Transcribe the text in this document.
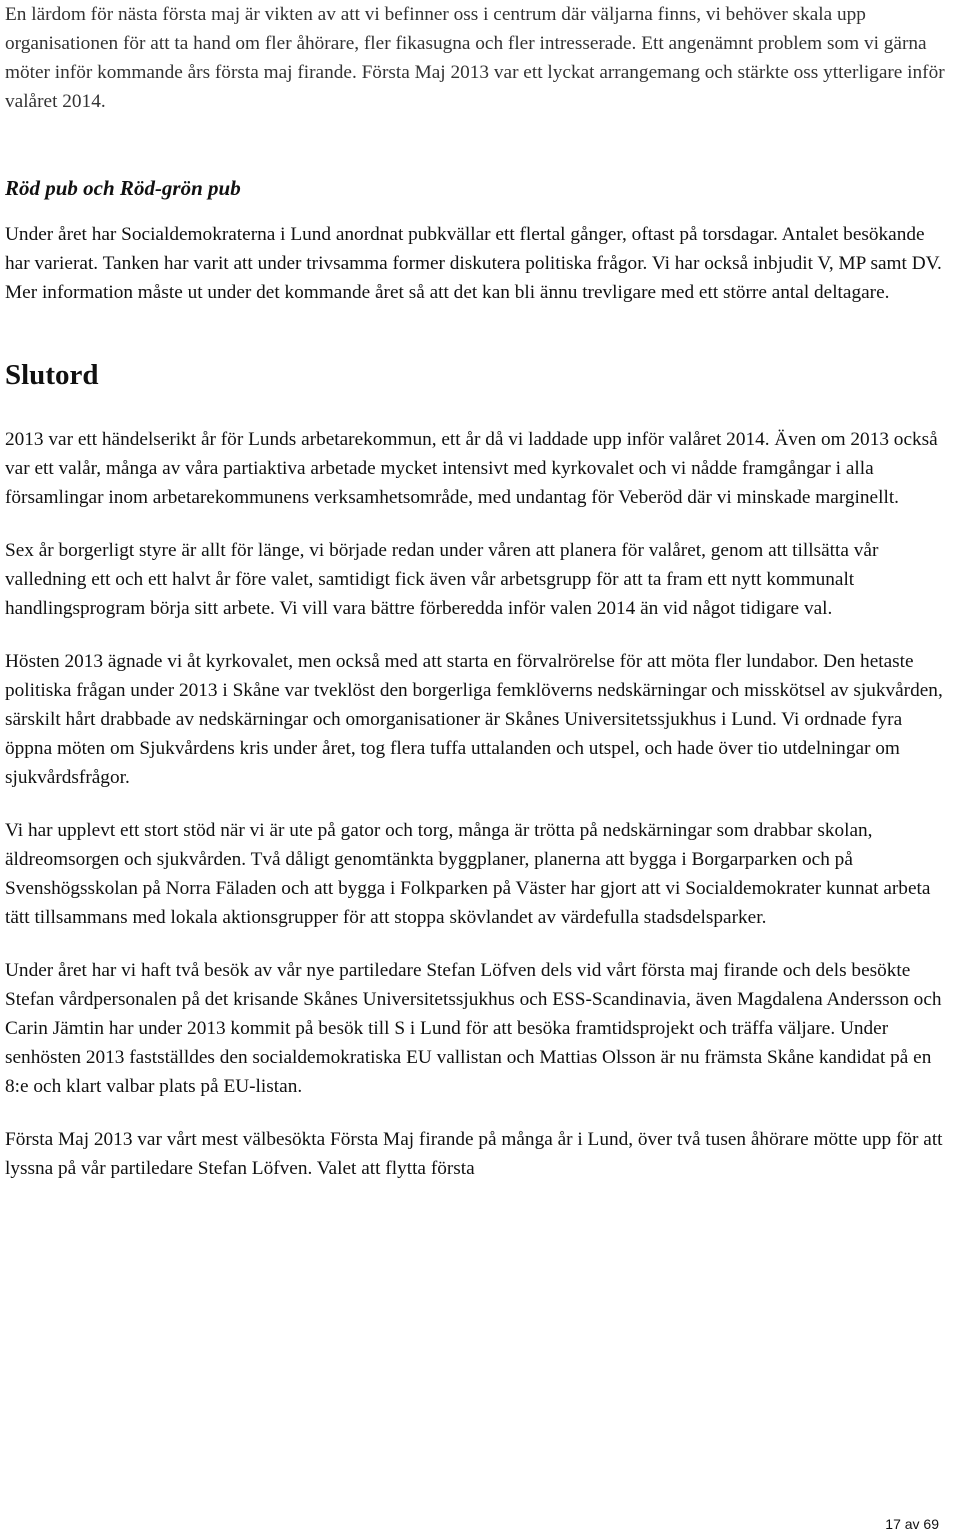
En lärdom för nästa första maj är vikten av att vi befinner oss i centrum där väljarna finns, vi behöver skala upp organisationen för att ta hand om fler åhörare, fler fikasugna och fler intresserade. Ett angenämnt problem som vi gärna möter inför kommande års första maj firande. Första Maj 2013 var ett lyckat arrangemang och stärkte oss ytterligare inför valåret 2014.

Röd pub och Röd-grön pub

Under året har Socialdemokraterna i Lund anordnat pubkvällar ett flertal gånger, oftast på torsdagar. Antalet besökande har varierat. Tanken har varit att under trivsamma former diskutera politiska frågor. Vi har också inbjudit V, MP samt DV. Mer information måste ut under det kommande året så att det kan bli ännu trevligare med ett större antal deltagare.

Slutord

2013 var ett händelserikt år för Lunds arbetarekommun, ett år då vi laddade upp inför valåret 2014. Även om 2013 också var ett valår, många av våra partiaktiva arbetade mycket intensivt med kyrkovalet och vi nådde framgångar i alla församlingar inom arbetarekommunens verksamhetsområde, med undantag för Veberöd där vi minskade marginellt.

Sex år borgerligt styre är allt för länge, vi började redan under våren att planera för valåret, genom att tillsätta vår valledning ett och ett halvt år före valet, samtidigt fick även vår arbetsgrupp för att ta fram ett nytt kommunalt handlingsprogram börja sitt arbete. Vi vill vara bättre förberedda inför valen 2014 än vid något tidigare val.

Hösten 2013 ägnade vi åt kyrkovalet, men också med att starta en förvalrörelse för att möta fler lundabor. Den hetaste politiska frågan under 2013 i Skåne var tveklöst den borgerliga femklöverns nedskärningar och misskötsel av sjukvården, särskilt hårt drabbade av nedskärningar och omorganisationer är Skånes Universitetssjukhus i Lund. Vi ordnade fyra öppna möten om Sjukvårdens kris under året, tog flera tuffa uttalanden och utspel, och hade över tio utdelningar om sjukvårdsfrågor.

Vi har upplevt ett stort stöd när vi är ute på gator och torg, många är trötta på nedskärningar som drabbar skolan, äldreomsorgen och sjukvården. Två dåligt genomtänkta byggplaner, planerna att bygga i Borgarparken och på Svenshögsskolan på Norra Fäladen och att bygga i Folkparken på Väster har gjort att vi Socialdemokrater kunnat arbeta tätt tillsammans med lokala aktionsgrupper för att stoppa skövlandet av värdefulla stadsdelsparker.

Under året har vi haft två besök av vår nye partiledare Stefan Löfven dels vid vårt första maj firande och dels besökte Stefan vårdpersonalen på det krisande Skånes Universitetssjukhus och ESS-Scandinavia, även Magdalena Andersson och Carin Jämtin har under 2013 kommit på besök till S i Lund för att besöka framtidsprojekt och träffa väljare. Under senhösten 2013 fastställdes den socialdemokratiska EU vallistan och Mattias Olsson är nu främsta Skåne kandidat på en 8:e och klart valbar plats på EU-listan.

Första Maj 2013 var vårt mest välbesökta Första Maj firande på många år i Lund, över två tusen åhörare mötte upp för att lyssna på vår partiledare Stefan Löfven. Valet att flytta första

17 av 69
